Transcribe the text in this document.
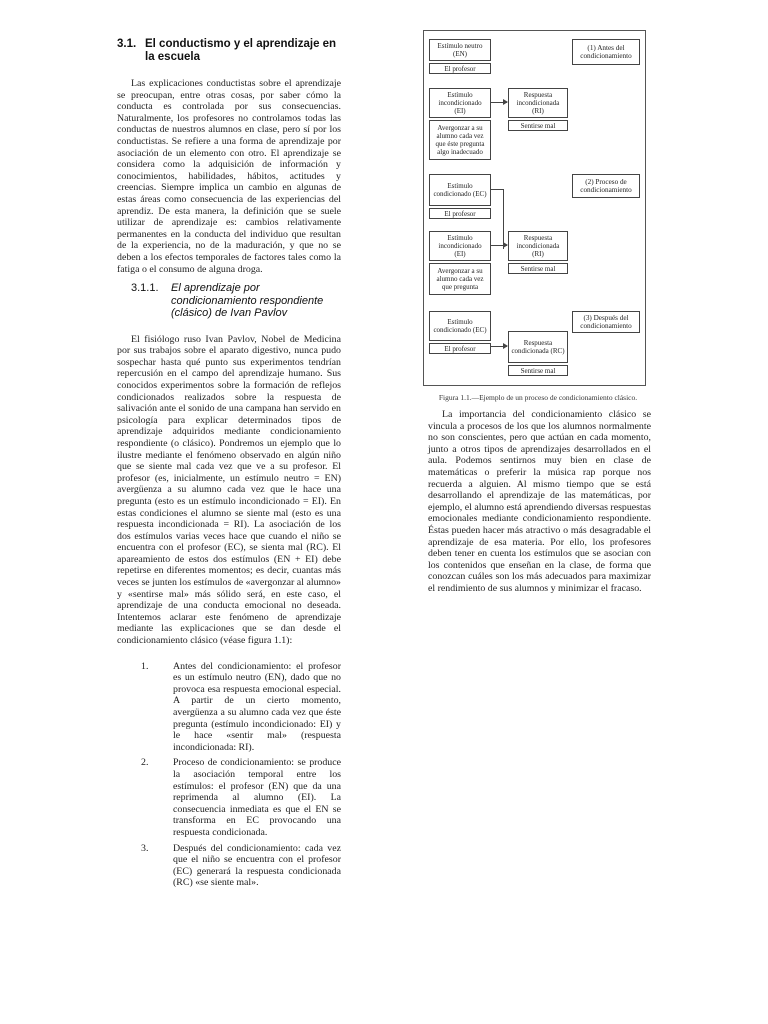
3.1. El conductismo y el aprendizaje en la escuela

Las explicaciones conductistas sobre el aprendizaje se preocupan, entre otras cosas, por saber cómo la conducta es controlada por sus consecuencias. Naturalmente, los profesores no controlamos todas las conductas de nuestros alumnos en clase, pero sí por los conductistas. Se refiere a una forma de aprendizaje por asociación de un elemento con otro. El aprendizaje se considera como la adquisición de información y conocimientos, habilidades, hábitos, actitudes y creencias. Siempre implica un cambio en algunas de estas áreas como consecuencia de las experiencias del aprendiz. De esta manera, la definición que se suele utilizar de aprendizaje es: cambios relativamente permanentes en la conducta del individuo que resultan de la experiencia, no de la maduración, y que no se deben a los efectos temporales de factores tales como la fatiga o el consumo de alguna droga.

3.1.1.	El aprendizaje por condicionamiento respondiente (clásico) de Ivan Pavlov

El fisiólogo ruso Ivan Pavlov, Nobel de Medicina por sus trabajos sobre el aparato digestivo, nunca pudo sospechar hasta qué punto sus experimentos tendrían repercusión en el campo del aprendizaje humano. Sus conocidos experimentos sobre la formación de reflejos condicionados realizados sobre la respuesta de salivación ante el sonido de una campana han servido en psicología para explicar determinados tipos de aprendizaje adquiridos mediante condicionamiento respondiente (o clásico). Pondremos un ejemplo que lo ilustre mediante el fenómeno observado en algún niño que se siente mal cada vez que ve a su profesor. El profesor (es, inicialmente, un estímulo neutro = EN) avergüenza a su alumno cada vez que le hace una pregunta (esto es un estímulo incondicionado = EI). En estas condiciones el alumno se siente mal (esto es una respuesta incondicionada = RI). La asociación de los dos estímulos varias veces hace que cuando el niño se encuentra con el profesor (EC), se sienta mal (RC). El apareamiento de estos dos estímulos (EN + EI) debe repetirse en diferentes momentos; es decir, cuantas más veces se junten los estímulos de «avergonzar al alumno» y «sentirse mal» más sólido será, en este caso, el aprendizaje de una conducta emocional no deseada. Intentemos aclarar este fenómeno de aprendizaje mediante las explicaciones que se dan desde el condicionamiento clásico (véase figura 1.1):

1.	Antes del condicionamiento: el profesor es un estímulo neutro (EN), dado que no provoca esa respuesta emocional especial. A partir de un cierto momento, avergüenza a su alumno cada vez que éste pregunta (estímulo incondicionado: EI) y le hace «sentir mal» (respuesta incondicionada: RI).
2.	Proceso de condicionamiento: se produce la asociación temporal entre los estímulos: el profesor (EN) que da una reprimenda al alumno (EI). La consecuencia inmediata es que el EN se transforma en EC provocando una respuesta condicionada.
3.	Después del condicionamiento: cada vez que el niño se encuentra con el profesor (EC) generará la respuesta condicionada (RC) «se siente mal».
Estímulo neutro (EN)
El profesor
(1) Antes del condicionamiento
Estímulo incondicionado (EI)
Avergonzar a su alumno cada vez que éste pregunta algo inadecuado
Respuesta incondicionada (RI)
Sentirse mal
Estímulo condicionado (EC)
El profesor
(2) Proceso de condicionamiento
Estímulo incondicionado (EI)
Avergonzar a su alumno cada vez que pregunta
Respuesta incondicionada (RI)
Sentirse mal
Estímulo condicionado (EC)
El profesor
(3) Después del condicionamiento
Respuesta condicionada (RC)
Sentirse mal
Figura 1.1.—Ejemplo de un proceso de condicionamiento clásico.

La importancia del condicionamiento clásico se vincula a procesos de los que los alumnos normalmente no son conscientes, pero que actúan en cada momento, junto a otros tipos de aprendizajes desarrollados en el aula. Podemos sentirnos muy bien en clase de matemáticas o preferir la música rap porque nos recuerda a alguien. Al mismo tiempo que se está desarrollando el aprendizaje de las matemáticas, por ejemplo, el alumno está aprendiendo diversas respuestas emocionales mediante condicionamiento respondiente. Éstas pueden hacer más atractivo o más desagradable el aprendizaje de esa materia. Por ello, los profesores deben tener en cuenta los estímulos que se asocian con los contenidos que enseñan en la clase, de forma que conozcan cuáles son los más adecuados para maximizar el rendimiento de sus alumnos y minimizar el fracaso.
